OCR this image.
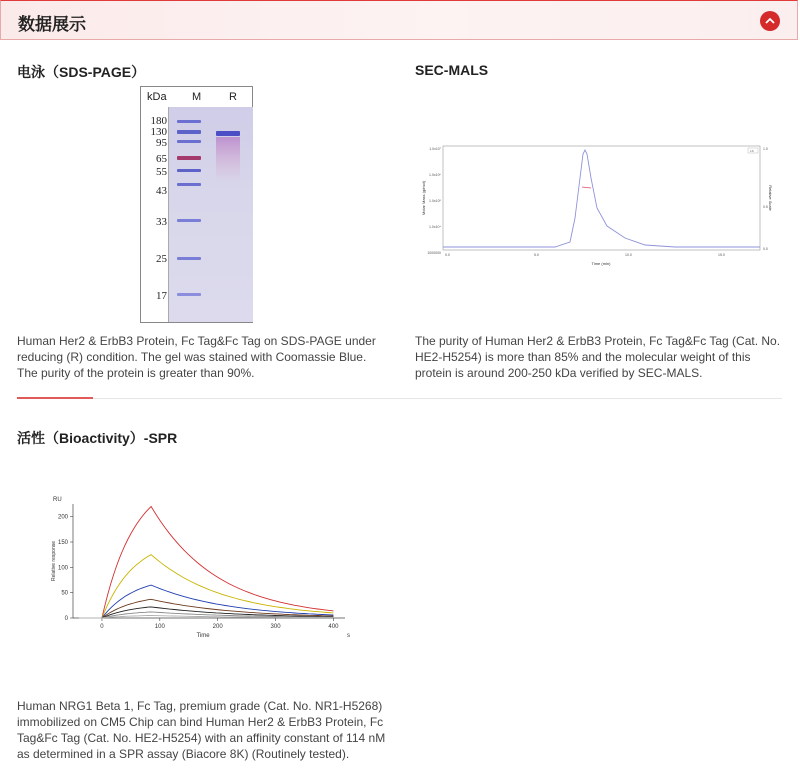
数据展示
电泳（SDS-PAGE）
kDa M	R
180
130
95
65
55
43
33
25
17
Human Her2 & ErbB3 Protein, Fc Tag&Fc Tag on SDS-PAGE under reducing (R) condition. The gel was stained with Coomassie Blue. The purity of the protein is greater than 90%.
SEC-MALS
Molar Mass (g/mol)	Relative Scale
Time (min)
1.0x10⁷
1.0x10⁶
1.0x10⁵
1.0x10⁴
1000000 0.0	5.0	10.0	15.0
1.0
0.5
0.0
LS
The purity of Human Her2 & ErbB3 Protein, Fc Tag&Fc Tag (Cat. No. HE2-H5254) is more than 85% and the molecular weight of this protein is around 200-250 kDa verified by SEC-MALS.
活性（Bioactivity）-SPR
0
50
100
150
200
0	100	200	300	400
Time	s
Relative response
RU
Human NRG1 Beta 1, Fc Tag, premium grade (Cat. No. NR1-H5268) immobilized on CM5 Chip can bind Human Her2 & ErbB3 Protein, Fc Tag&Fc Tag (Cat. No. HE2-H5254) with an affinity constant of 114 nM as determined in a SPR assay (Biacore 8K) (Routinely tested).
